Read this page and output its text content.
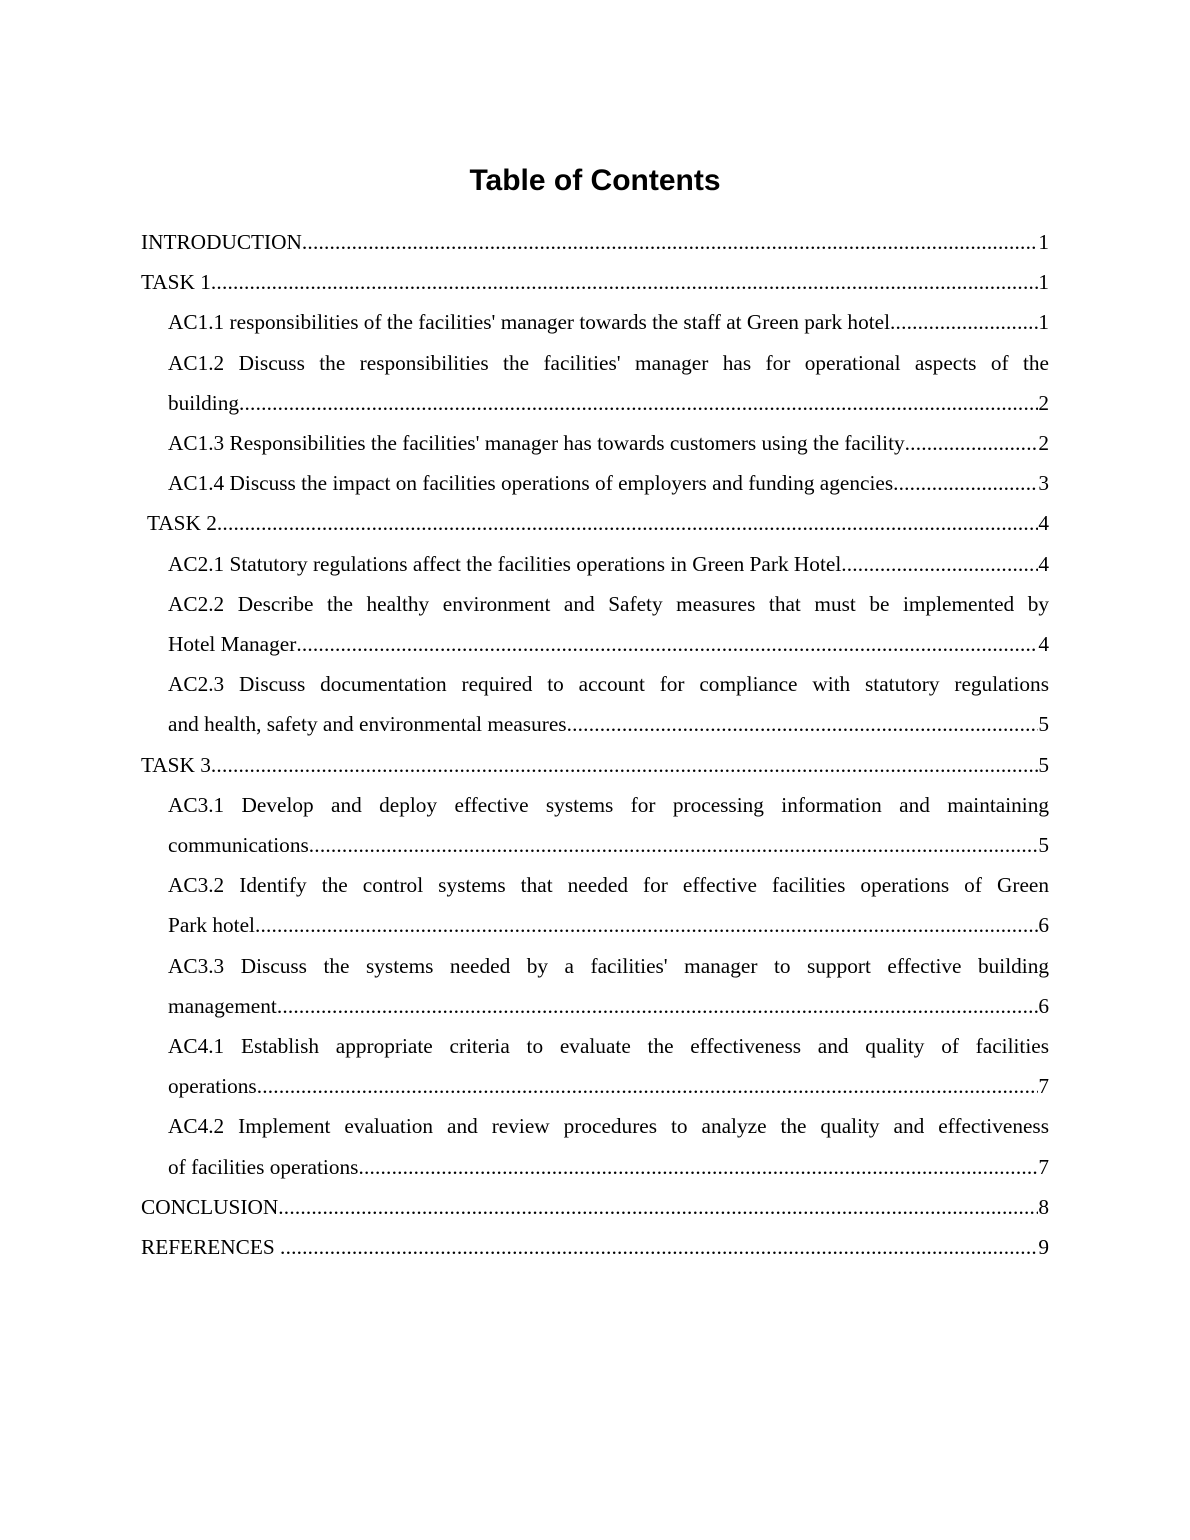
Table of Contents
INTRODUCTION .....	1
TASK 1 .....	1
AC1.1 responsibilities of the facilities' manager towards the staff at Green park hotel .....	1
AC1.2 Discuss the responsibilities the facilities' manager has for operational aspects of the
building .....	2
AC1.3 Responsibilities the facilities' manager has towards customers using the facility .....	2
AC1.4 Discuss the impact on facilities operations of employers and funding agencies .....	3
TASK 2 .....	4
AC2.1 Statutory regulations affect the facilities operations in Green Park Hotel .....	4
AC2.2 Describe the healthy environment and Safety measures that must be implemented by
Hotel Manager .....	4
AC2.3 Discuss documentation required to account for compliance with statutory regulations
and health, safety and environmental measures .....	5
TASK 3 .....	5
AC3.1 Develop and deploy effective systems for processing information and maintaining
communications .....	5
AC3.2 Identify the control systems that needed for effective facilities operations of Green
Park hotel .....	6
AC3.3 Discuss the systems needed by a facilities' manager to support effective building
management .....	6
AC4.1 Establish appropriate criteria to evaluate the effectiveness and quality of facilities
operations .....	7
AC4.2 Implement evaluation and review procedures to analyze the quality and effectiveness
of facilities operations .....	7
CONCLUSION .....	8
REFERENCES .....	9
